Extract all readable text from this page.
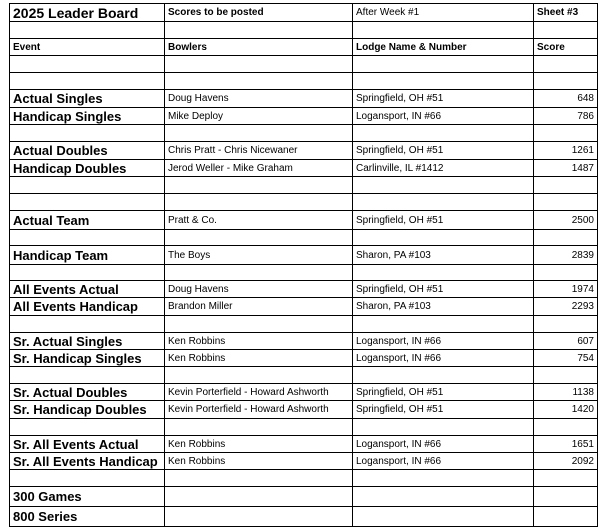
2025 Leader Board	Scores to be posted	After Week #1	Sheet #3

Event	Bowlers	Lodge Name & Number	Score

Actual Singles	Doug Havens	Springfield, OH #51	648
Handicap Singles	Mike Deploy	Logansport, IN #66	786

Actual Doubles	Chris Pratt - Chris Nicewaner	Springfield, OH #51	1261
Handicap Doubles	Jerod Weller - Mike Graham	Carlinville, IL #1412	1487

Actual Team	Pratt & Co.	Springfield, OH #51	2500

Handicap Team	The Boys	Sharon, PA #103	2839

All Events Actual	Doug Havens	Springfield, OH #51	1974
All Events Handicap	Brandon Miller	Sharon, PA #103	2293

Sr. Actual Singles	Ken Robbins	Logansport, IN #66	607
Sr. Handicap Singles	Ken Robbins	Logansport, IN #66	754

Sr. Actual Doubles	Kevin Porterfield - Howard Ashworth	Springfield, OH #51	1138
Sr. Handicap Doubles	Kevin Porterfield - Howard Ashworth	Springfield, OH #51	1420

Sr. All Events Actual	Ken Robbins	Logansport, IN #66	1651
Sr. All Events Handicap	Ken Robbins	Logansport, IN #66	2092

300 Games			
800 Series			
